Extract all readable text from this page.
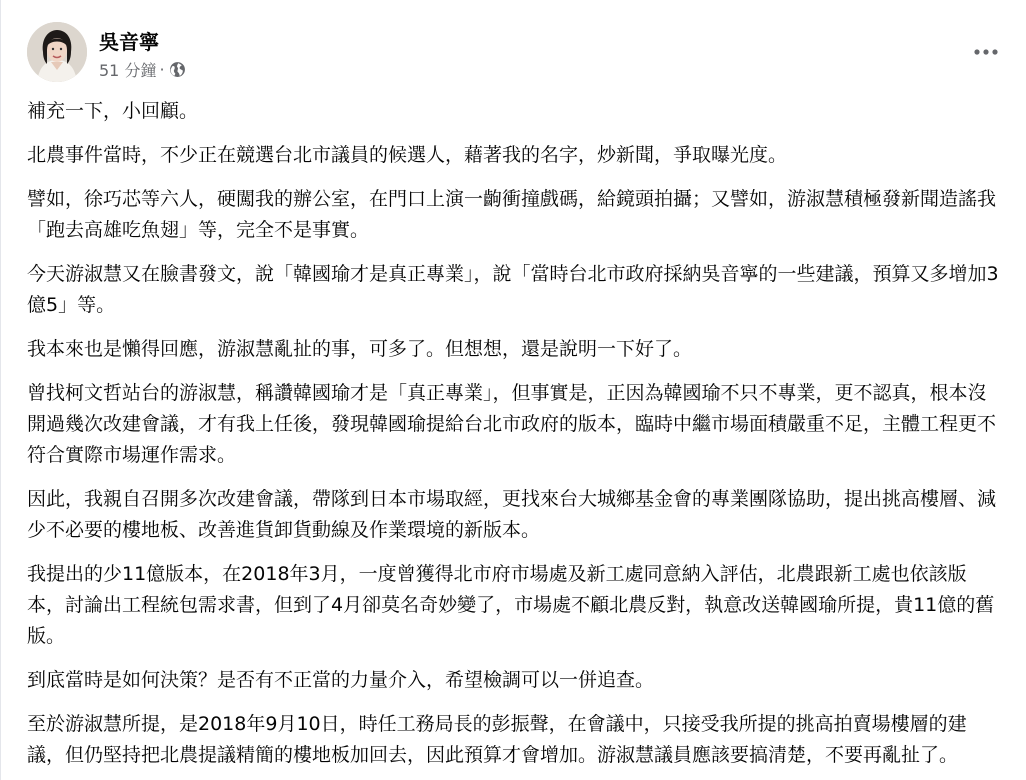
吳音寧
51 分鐘 ·

補充一下，小回顧。

北農事件當時，不少正在競選台北市議員的候選人，藉著我的名字，炒新聞，爭取曝光度。

譬如，徐巧芯等六人，硬闖我的辦公室，在門口上演一齣衝撞戲碼，給鏡頭拍攝；又譬如，游淑慧積極發新聞造謠我「跑去高雄吃魚翅」等，完全不是事實。

今天游淑慧又在臉書發文，說「韓國瑜才是真正專業」，說「當時台北市政府採納吳音寧的一些建議，預算又多增加3億5」等。

我本來也是懶得回應，游淑慧亂扯的事，可多了。但想想，還是說明一下好了。

曾找柯文哲站台的游淑慧，稱讚韓國瑜才是「真正專業」，但事實是，正因為韓國瑜不只不專業，更不認真，根本沒開過幾次改建會議，才有我上任後，發現韓國瑜提給台北市政府的版本，臨時中繼市場面積嚴重不足，主體工程更不符合實際市場運作需求。

因此，我親自召開多次改建會議，帶隊到日本市場取經，更找來台大城鄉基金會的專業團隊協助，提出挑高樓層、減少不必要的樓地板、改善進貨卸貨動線及作業環境的新版本。

我提出的少11億版本，在2018年3月，一度曾獲得北市府市場處及新工處同意納入評估，北農跟新工處也依該版本，討論出工程統包需求書，但到了4月卻莫名奇妙變了，市場處不顧北農反對，執意改送韓國瑜所提，貴11億的舊版。

到底當時是如何決策？是否有不正當的力量介入，希望檢調可以一併追查。

至於游淑慧所提，是2018年9月10日，時任工務局長的彭振聲，在會議中，只接受我所提的挑高拍賣場樓層的建議，但仍堅持把北農提議精簡的樓地板加回去，因此預算才會增加。游淑慧議員應該要搞清楚，不要再亂扯了。
